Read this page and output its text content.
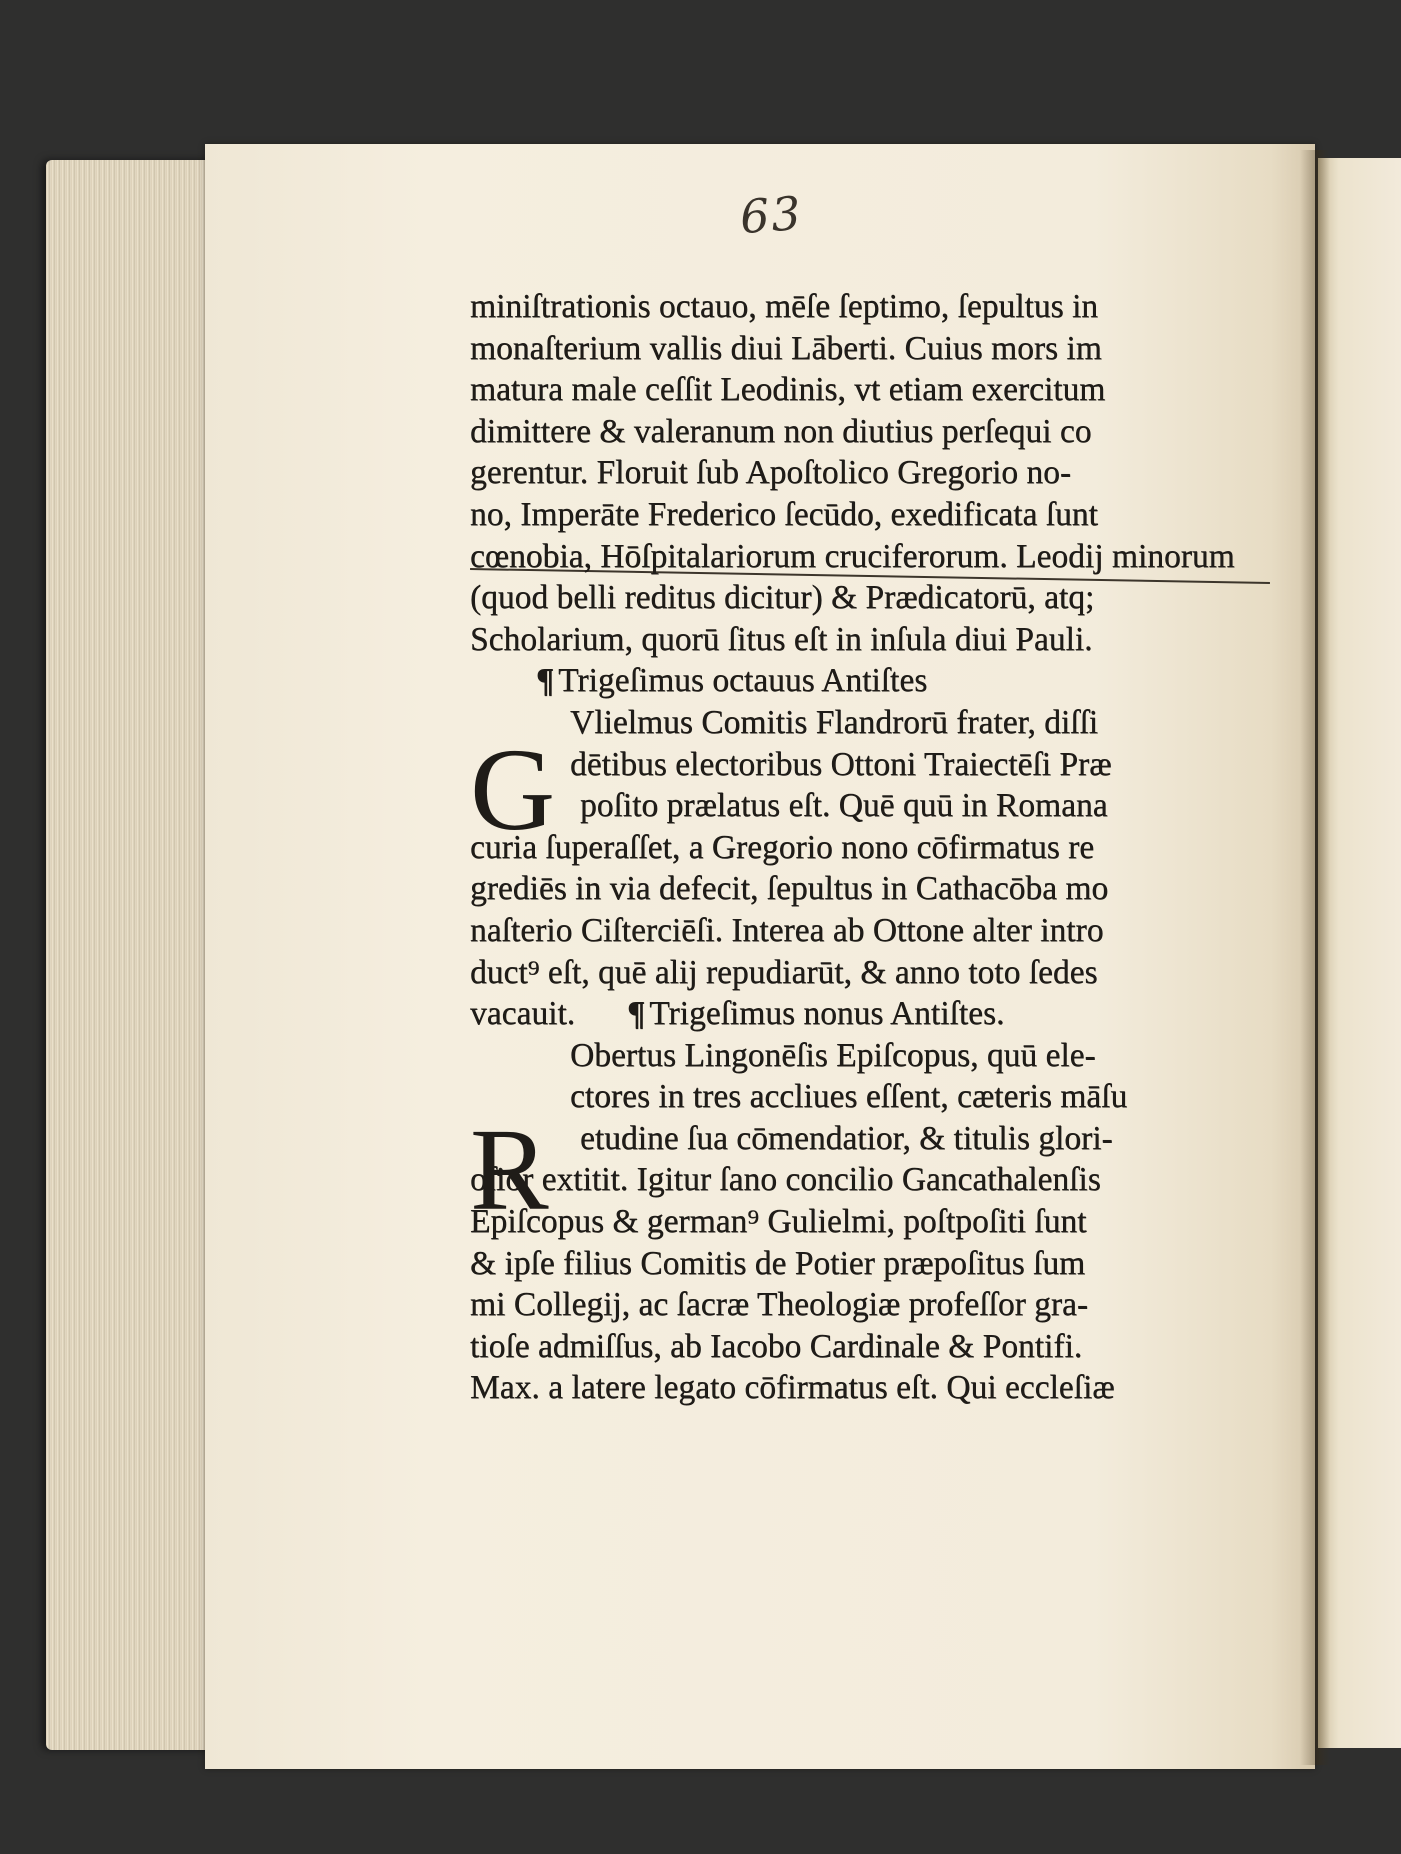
63
miniſtrationis octauo, mēſe ſeptimo, ſepultus in
monaſterium vallis diui Lāberti. Cuius mors im
matura male ceſſit Leodinis, vt etiam exercitum
dimittere & valeranum non diutius perſequi co
gerentur. Floruit ſub Apoſtolico Gregorio no-
no, Imperāte Frederico ſecūdo, exedificata ſunt
cœnobia, Hōſpitalariorum cruciferorum. Leodij minorum
(quod belli reditus dicitur) & Prædicatorū, atq;
Scholarium, quorū ſitus eſt in inſula diui Pauli.
¶ Trigeſimus octauus Antiſtes
Vlielmus Comitis Flandrorū frater, diſſi
dētibus electoribus Ottoni Traiectēſi Præ
poſito prælatus eſt. Quē quū in Romana
curia ſuperaſſet, a Gregorio nono cōfirmatus re
grediēs in via defecit, ſepultus in Cathacōba mo
naſterio Ciſterciēſi. Interea ab Ottone alter intro
duct⁹ eſt, quē alij repudiarūt, & anno toto ſedes
vacauit. ¶ Trigeſimus nonus Antiſtes.
Obertus Lingonēſis Epiſcopus, quū ele-
ctores in tres accliues eſſent, cæteris māſu
etudine ſua cōmendatior, & titulis glori-
oſior extitit. Igitur ſano concilio Gancathalenſis
Epiſcopus & german⁹ Gulielmi, poſtpoſiti ſunt
& ipſe filius Comitis de Potier præpoſitus ſum
mi Collegij, ac ſacræ Theologiæ profeſſor gra-
tioſe admiſſus, ab Iacobo Cardinale & Pontifi.
Max. a latere legato cōfirmatus eſt. Qui eccleſiæ
G
R
